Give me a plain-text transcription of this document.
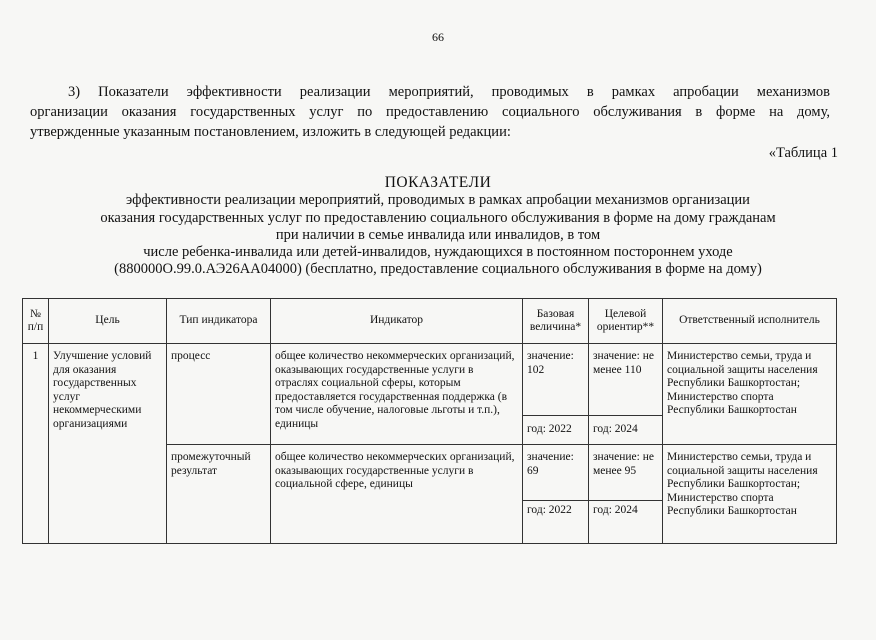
66
3) Показатели эффективности реализации мероприятий, проводимых в рамках апробации механизмов
организации оказания государственных услуг по предоставлению социального обслуживания в форме на дому,
утвержденные указанным постановлением, изложить в следующей редакции:
«Таблица 1
ПОКАЗАТЕЛИ
эффективности реализации мероприятий, проводимых в рамках апробации механизмов организации
оказания государственных услуг по предоставлению социального обслуживания в форме на дому гражданам
при наличии в семье инвалида или инвалидов, в том
числе ребенка-инвалида или детей-инвалидов, нуждающихся в постоянном постороннем уходе
(880000О.99.0.АЭ26АА04000) (бесплатно, предоставление социального обслуживания в форме на дому)
№ п/п	Цель	Тип индикатора	Индикатор	Базовая величина*	Целевой ориентир**	Ответственный исполнитель
1	Улучшение условий для оказания государственных услуг некоммерческими организациями	процесс	общее количество некоммерческих организаций, оказывающих государственные услуги в отраслях социальной сферы, которым предоставляется государственная поддержка (в том числе обучение, налоговые льготы и т.п.), единицы	значение: 102	значение: не менее 110	Министерство семьи, труда и социальной защиты населения Республики Башкортостан; Министерство спорта Республики Башкортостан
				год: 2022	год: 2024	
		промежуточный результат	общее количество некоммерческих организаций, оказывающих государственные услуги в социальной сфере, единицы	значение: 69	значение: не менее 95	Министерство семьи, труда и социальной защиты населения Республики Башкортостан; Министерство спорта Республики Башкортостан
				год: 2022	год: 2024	
